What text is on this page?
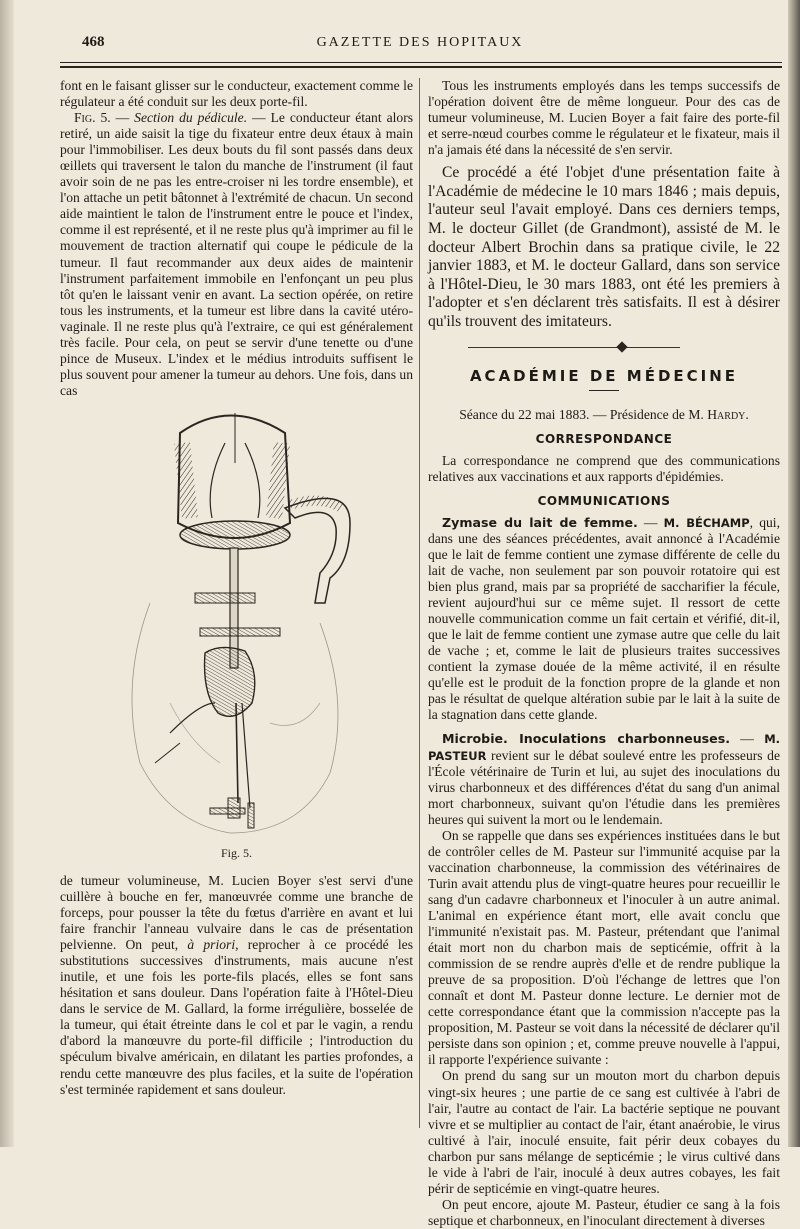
468	GAZETTE DES HOPITAUX

font en le faisant glisser sur le conducteur, exactement comme le régulateur a été conduit sur les deux porte-fil.

Fig. 5. — Section du pédicule. — Le conducteur étant alors retiré, un aide saisit la tige du fixateur entre deux étaux à main pour l'immobiliser. Les deux bouts du fil sont passés dans deux œillets qui traversent le talon du manche de l'instrument (il faut avoir soin de ne pas les entre-croiser ni les tordre ensemble), et l'on attache un petit bâtonnet à l'extrémité de chacun. Un second aide maintient le talon de l'instrument entre le pouce et l'index, comme il est représenté, et il ne reste plus qu'à imprimer au fil le mouvement de traction alternatif qui coupe le pédicule de la tumeur. Il faut recommander aux deux aides de maintenir l'instrument parfaitement immobile en l'enfonçant un peu plus tôt qu'en le laissant venir en avant. La section opérée, on retire tous les instruments, et la tumeur est libre dans la cavité utéro-vaginale. Il ne reste plus qu'à l'extraire, ce qui est généralement très facile. Pour cela, on peut se servir d'une tenette ou d'une pince de Museux. L'index et le médius introduits suffisent le plus souvent pour amener la tumeur au dehors. Une fois, dans un cas

Fig. 5.

de tumeur volumineuse, M. Lucien Boyer s'est servi d'une cuillère à bouche en fer, manœuvrée comme une branche de forceps, pour pousser la tête du fœtus d'arrière en avant et lui faire franchir l'anneau vulvaire dans le cas de présentation pelvienne. On peut, à priori, reprocher à ce procédé les substitutions successives d'instruments, mais aucune n'est inutile, et une fois les porte-fils placés, elles se font sans hésitation et sans douleur. Dans l'opération faite à l'Hôtel-Dieu dans le service de M. Gallard, la forme irrégulière, bosselée de la tumeur, qui était étreinte dans le col et par le vagin, a rendu d'abord la manœuvre du porte-fil difficile ; l'introduction du spéculum bivalve américain, en dilatant les parties profondes, a rendu cette manœuvre des plus faciles, et la suite de l'opération s'est terminée rapidement et sans douleur.

Tous les instruments employés dans les temps successifs de l'opération doivent être de même longueur. Pour des cas de tumeur volumineuse, M. Lucien Boyer a fait faire des porte-fil et serre-nœud courbes comme le régulateur et le fixateur, mais il n'a jamais été dans la nécessité de s'en servir.

Ce procédé a été l'objet d'une présentation faite à l'Académie de médecine le 10 mars 1846 ; mais depuis, l'auteur seul l'avait employé. Dans ces derniers temps, M. le docteur Gillet (de Grandmont), assisté de M. le docteur Albert Brochin dans sa pratique civile, le 22 janvier 1883, et M. le docteur Gallard, dans son service à l'Hôtel-Dieu, le 30 mars 1883, ont été les premiers à l'adopter et s'en déclarent très satisfaits. Il est à désirer qu'ils trouvent des imitateurs.

ACADÉMIE DE MÉDECINE
Séance du 22 mai 1883. — Présidence de M. Hardy.
CORRESPONDANCE

La correspondance ne comprend que des communications relatives aux vaccinations et aux rapports d'épidémies.

COMMUNICATIONS

Zymase du lait de femme. — M. BÉCHAMP, qui, dans une des séances précédentes, avait annoncé à l'Académie que le lait de femme contient une zymase différente de celle du lait de vache, non seulement par son pouvoir rotatoire qui est bien plus grand, mais par sa propriété de saccharifier la fécule, revient aujourd'hui sur ce même sujet. Il ressort de cette nouvelle communication comme un fait certain et vérifié, dit-il, que le lait de femme contient une zymase autre que celle du lait de vache ; et, comme le lait de plusieurs traites successives contient la zymase douée de la même activité, il en résulte qu'elle est le produit de la fonction propre de la glande et non pas le résultat de quelque altération subie par le lait à la suite de la stagnation dans cette glande.

Microbie. Inoculations charbonneuses. — M. PASTEUR revient sur le débat soulevé entre les professeurs de l'École vétérinaire de Turin et lui, au sujet des inoculations du virus charbonneux et des différences d'état du sang d'un animal mort charbonneux, suivant qu'on l'étudie dans les premières heures qui suivent la mort ou le lendemain.

On se rappelle que dans ses expériences instituées dans le but de contrôler celles de M. Pasteur sur l'immunité acquise par la vaccination charbonneuse, la commission des vétérinaires de Turin avait attendu plus de vingt-quatre heures pour recueillir le sang d'un cadavre charbonneux et l'inoculer à un autre animal. L'animal en expérience étant mort, elle avait conclu que l'immunité n'existait pas. M. Pasteur, prétendant que l'animal était mort non du charbon mais de septicémie, offrit à la commission de se rendre auprès d'elle et de rendre publique la preuve de sa proposition. D'où l'échange de lettres que l'on connaît et dont M. Pasteur donne lecture. Le dernier mot de cette correspondance étant que la commission n'accepte pas la proposition, M. Pasteur se voit dans la nécessité de déclarer qu'il persiste dans son opinion ; et, comme preuve nouvelle à l'appui, il rapporte l'expérience suivante :

On prend du sang sur un mouton mort du charbon depuis vingt-six heures ; une partie de ce sang est cultivée à l'abri de l'air, l'autre au contact de l'air. La bactérie septique ne pouvant vivre et se multiplier au contact de l'air, étant anaérobie, le virus cultivé à l'air, inoculé ensuite, fait périr deux cobayes du charbon pur sans mélange de septicémie ; le virus cultivé dans le vide à l'abri de l'air, inoculé à deux autres cobayes, les fait périr de septicémie en vingt-quatre heures.

On peut encore, ajoute M. Pasteur, étudier ce sang à la fois septique et charbonneux, en l'inoculant directement à diverses
